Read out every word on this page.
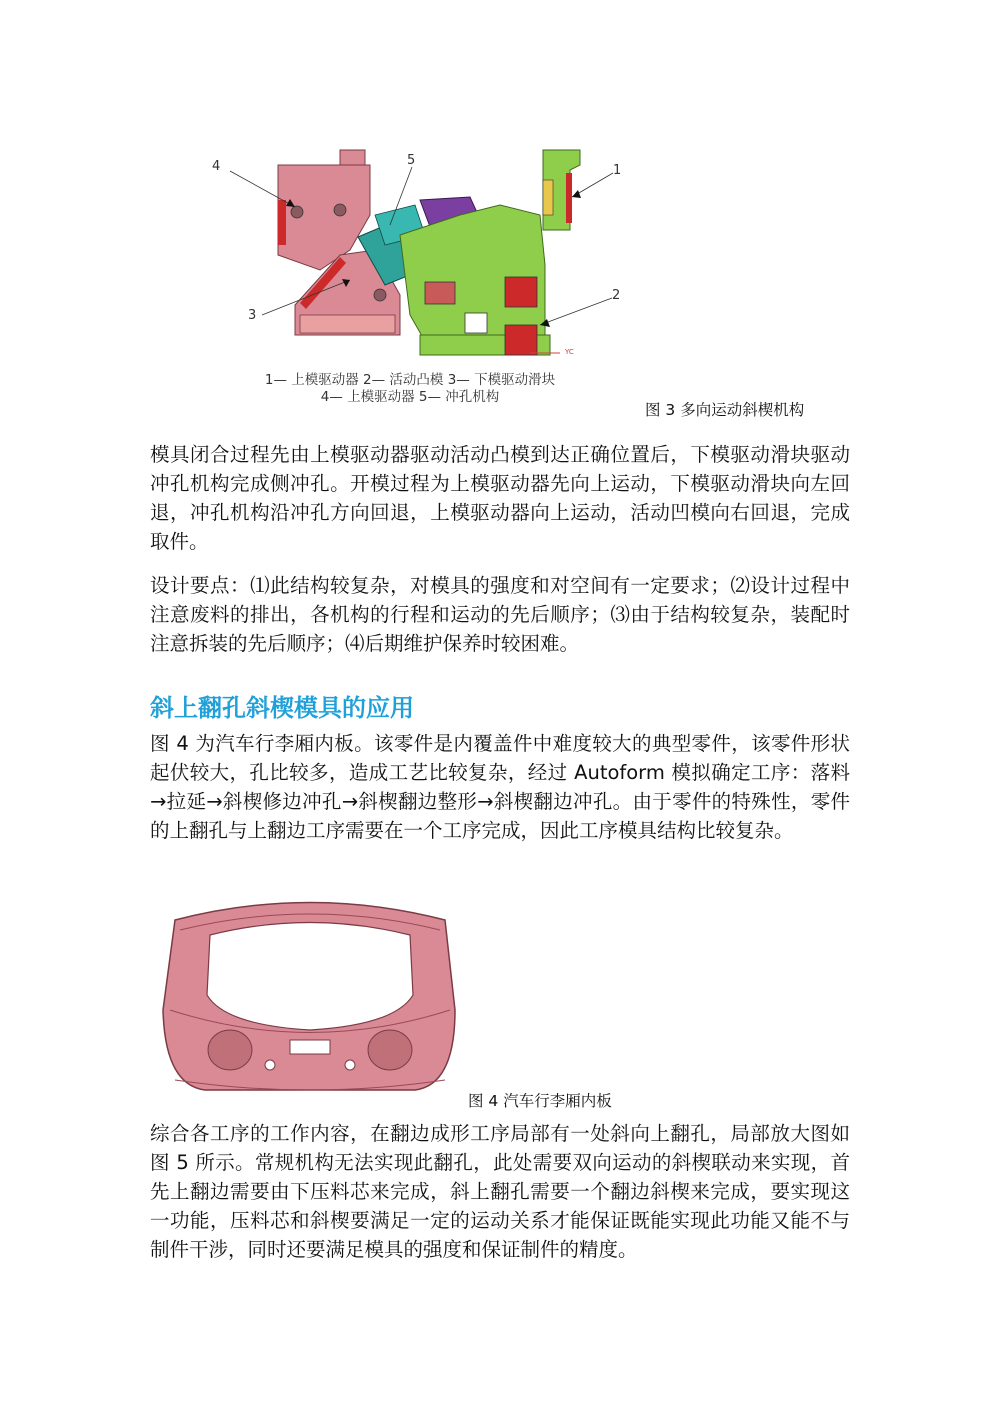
4	5
1
2
3
YC
1— 上模驱动器 2— 活动凸模 3— 下模驱动滑块
4— 上模驱动器 5— 冲孔机构
图 3 多向运动斜楔机构

模具闭合过程先由上模驱动器驱动活动凸模到达正确位置后，下模驱动滑块驱动冲孔机构完成侧冲孔。开模过程为上模驱动器先向上运动，下模驱动滑块向左回退，冲孔机构沿冲孔方向回退，上模驱动器向上运动，活动凹模向右回退，完成取件。

设计要点：⑴此结构较复杂，对模具的强度和对空间有一定要求；⑵设计过程中注意废料的排出，各机构的行程和运动的先后顺序；⑶由于结构较复杂，装配时注意拆装的先后顺序；⑷后期维护保养时较困难。

斜上翻孔斜楔模具的应用

图 4 为汽车行李厢内板。该零件是内覆盖件中难度较大的典型零件，该零件形状起伏较大，孔比较多，造成工艺比较复杂，经过 Autoform 模拟确定工序：落料→拉延→斜楔修边冲孔→斜楔翻边整形→斜楔翻边冲孔。由于零件的特殊性，零件的上翻孔与上翻边工序需要在一个工序完成，因此工序模具结构比较复杂。

图 4 汽车行李厢内板

综合各工序的工作内容，在翻边成形工序局部有一处斜向上翻孔，局部放大图如图 5 所示。常规机构无法实现此翻孔，此处需要双向运动的斜楔联动来实现，首先上翻边需要由下压料芯来完成，斜上翻孔需要一个翻边斜楔来完成，要实现这一功能，压料芯和斜楔要满足一定的运动关系才能保证既能实现此功能又能不与制件干涉，同时还要满足模具的强度和保证制件的精度。
